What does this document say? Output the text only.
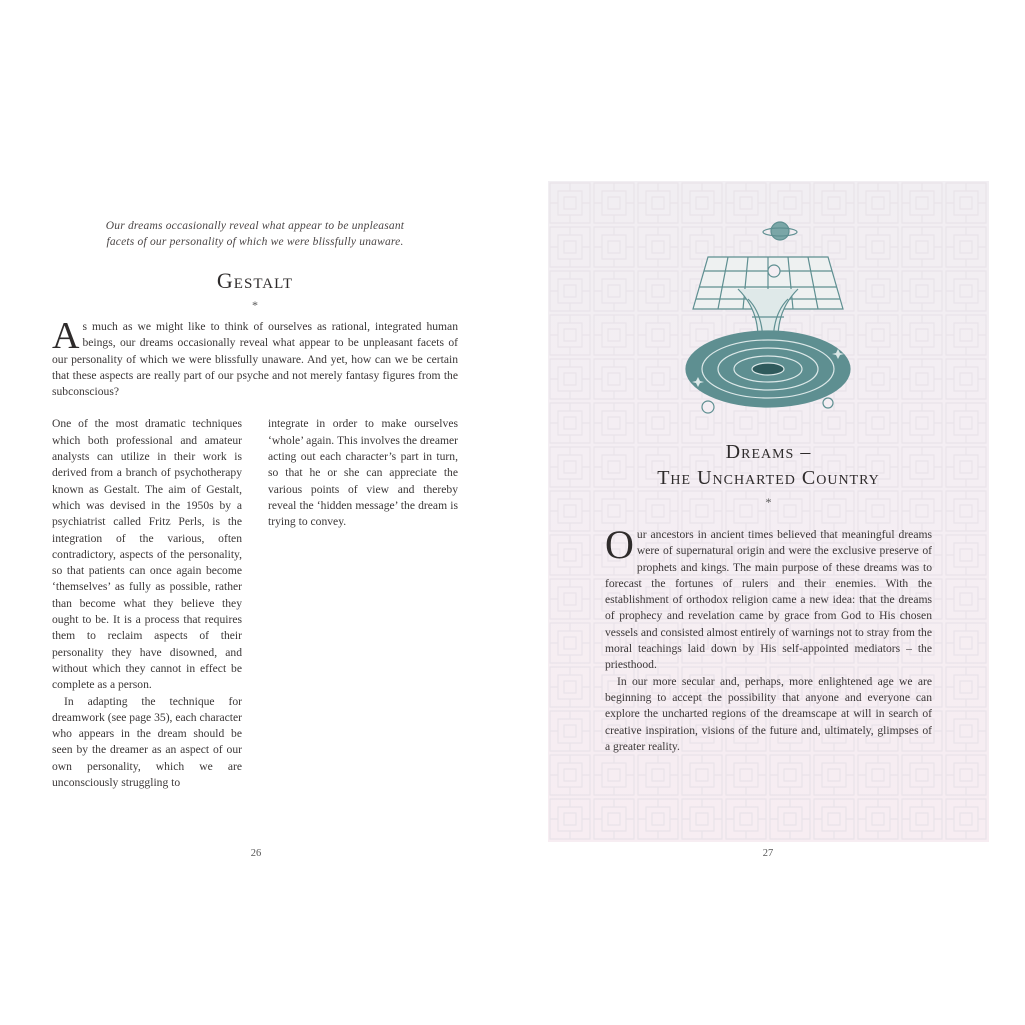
Our dreams occasionally reveal what appear to be unpleasant
facets of our personality of which we were blissfully unaware.

Gestalt
*

As much as we might like to think of ourselves as rational, integrated human beings, our dreams occasionally reveal what appear to be unpleasant facets of our personality of which we were blissfully unaware. And yet, how can we be certain that these aspects are really part of our psyche and not merely fantasy figures from the subconscious?

One of the most dramatic techniques which both professional and amateur analysts can utilize in their work is derived from a branch of psychotherapy known as Gestalt. The aim of Gestalt, which was devised in the 1950s by a psychiatrist called Fritz Perls, is the integration of the various, often contradictory, aspects of the personality, so that patients can once again become ‘themselves’ as fully as possible, rather than become what they believe they ought to be. It is a process that requires them to reclaim aspects of their personality they have disowned, and without which they cannot in effect be complete as a person.

In adapting the technique for dreamwork (see page 35), each character who appears in the dream should be seen by the dreamer as an aspect of our own personality, which we are unconsciously struggling to

integrate in order to make ourselves ‘whole’ again. This involves the dreamer acting out each character’s part in turn, so that he or she can appreciate the various points of view and thereby reveal the ‘hidden message’ the dream is trying to convey.

26
Dreams –
The Uncharted Country
*

Our ancestors in ancient times believed that meaningful dreams were of supernatural origin and were the exclusive preserve of prophets and kings. The main purpose of these dreams was to forecast the fortunes of rulers and their enemies. With the establishment of orthodox religion came a new idea: that the dreams of prophecy and revelation came by grace from God to His chosen vessels and consisted almost entirely of warnings not to stray from the moral teachings laid down by His self-appointed mediators – the priesthood.

In our more secular and, perhaps, more enlightened age we are beginning to accept the possibility that anyone and everyone can explore the uncharted regions of the dreamscape at will in search of creative inspiration, visions of the future and, ultimately, glimpses of a greater reality.

27
